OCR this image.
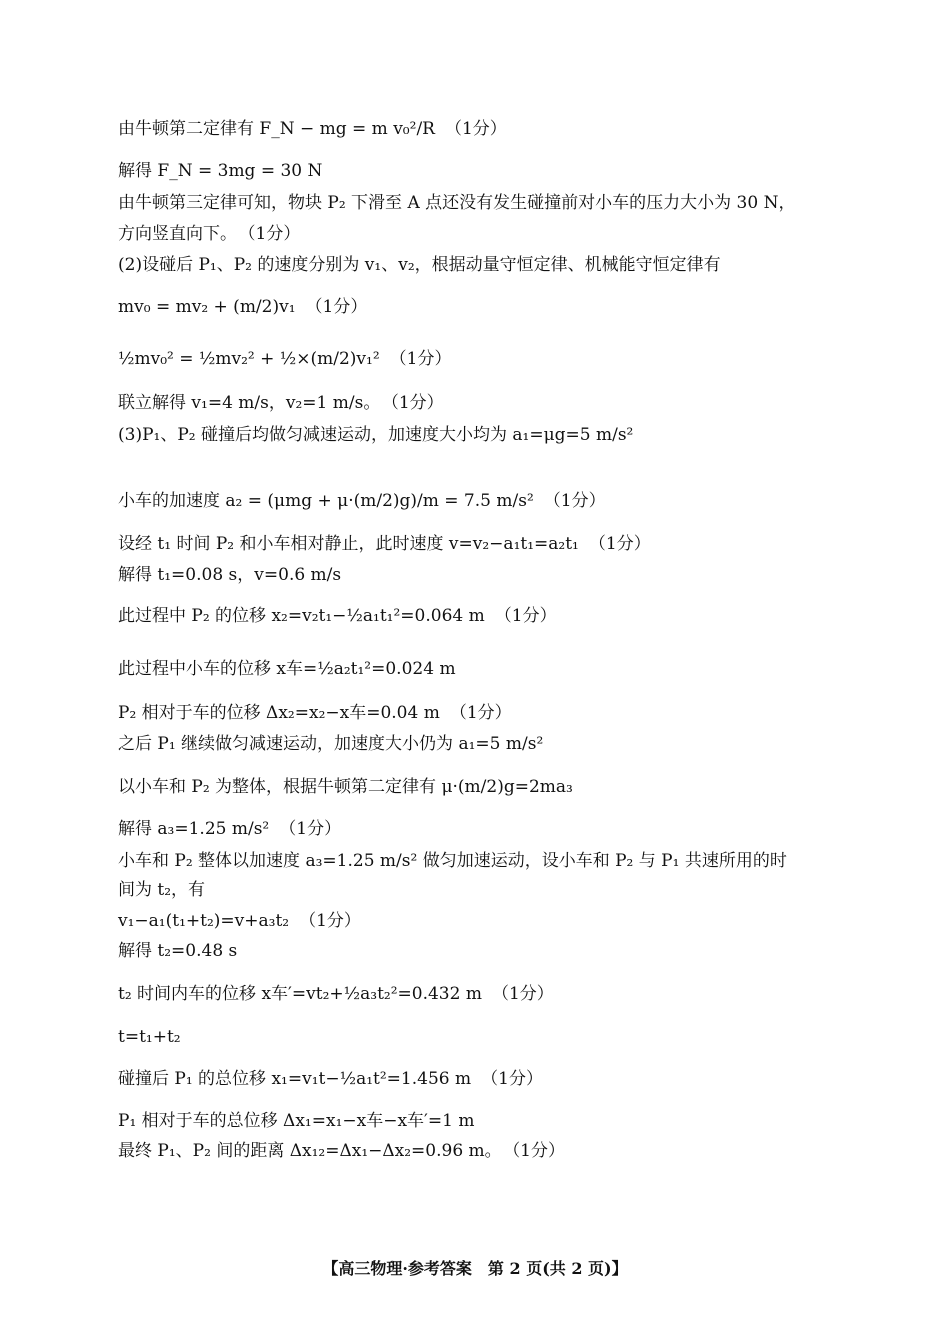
由牛顿第二定律有 F_N − mg = m v₀²/R （1分）
解得 F_N = 3mg = 30 N
由牛顿第三定律可知，物块 P₂ 下滑至 A 点还没有发生碰撞前对小车的压力大小为 30 N，
方向竖直向下。 （1分）
(2)设碰后 P₁、P₂ 的速度分别为 v₁、v₂，根据动量守恒定律、机械能守恒定律有
mv₀ = mv₂ + (m/2)v₁ （1分）
½mv₀² = ½mv₂² + ½×(m/2)v₁² （1分）
联立解得 v₁=4 m/s，v₂=1 m/s。 （1分）
(3)P₁、P₂ 碰撞后均做匀减速运动，加速度大小均为 a₁=μg=5 m/s²
小车的加速度 a₂ = (μmg + μ·(m/2)g)/m = 7.5 m/s² （1分）
设经 t₁ 时间 P₂ 和小车相对静止，此时速度 v=v₂−a₁t₁=a₂t₁ （1分）
解得 t₁=0.08 s，v=0.6 m/s
此过程中 P₂ 的位移 x₂=v₂t₁−½a₁t₁²=0.064 m （1分）
此过程中小车的位移 x车=½a₂t₁²=0.024 m
P₂ 相对于车的位移 Δx₂=x₂−x车=0.04 m （1分）
之后 P₁ 继续做匀减速运动，加速度大小仍为 a₁=5 m/s²
以小车和 P₂ 为整体，根据牛顿第二定律有 μ·(m/2)g=2ma₃
解得 a₃=1.25 m/s² （1分）
小车和 P₂ 整体以加速度 a₃=1.25 m/s² 做匀加速运动，设小车和 P₂ 与 P₁ 共速所用的时
间为 t₂，有
v₁−a₁(t₁+t₂)=v+a₃t₂ （1分）
解得 t₂=0.48 s
t₂ 时间内车的位移 x车′=vt₂+½a₃t₂²=0.432 m （1分）
t=t₁+t₂
碰撞后 P₁ 的总位移 x₁=v₁t−½a₁t²=1.456 m （1分）
P₁ 相对于车的总位移 Δx₁=x₁−x车−x车′=1 m
最终 P₁、P₂ 间的距离 Δx₁₂=Δx₁−Δx₂=0.96 m。 （1分）
【高三物理·参考答案　第 2 页(共 2 页)】
